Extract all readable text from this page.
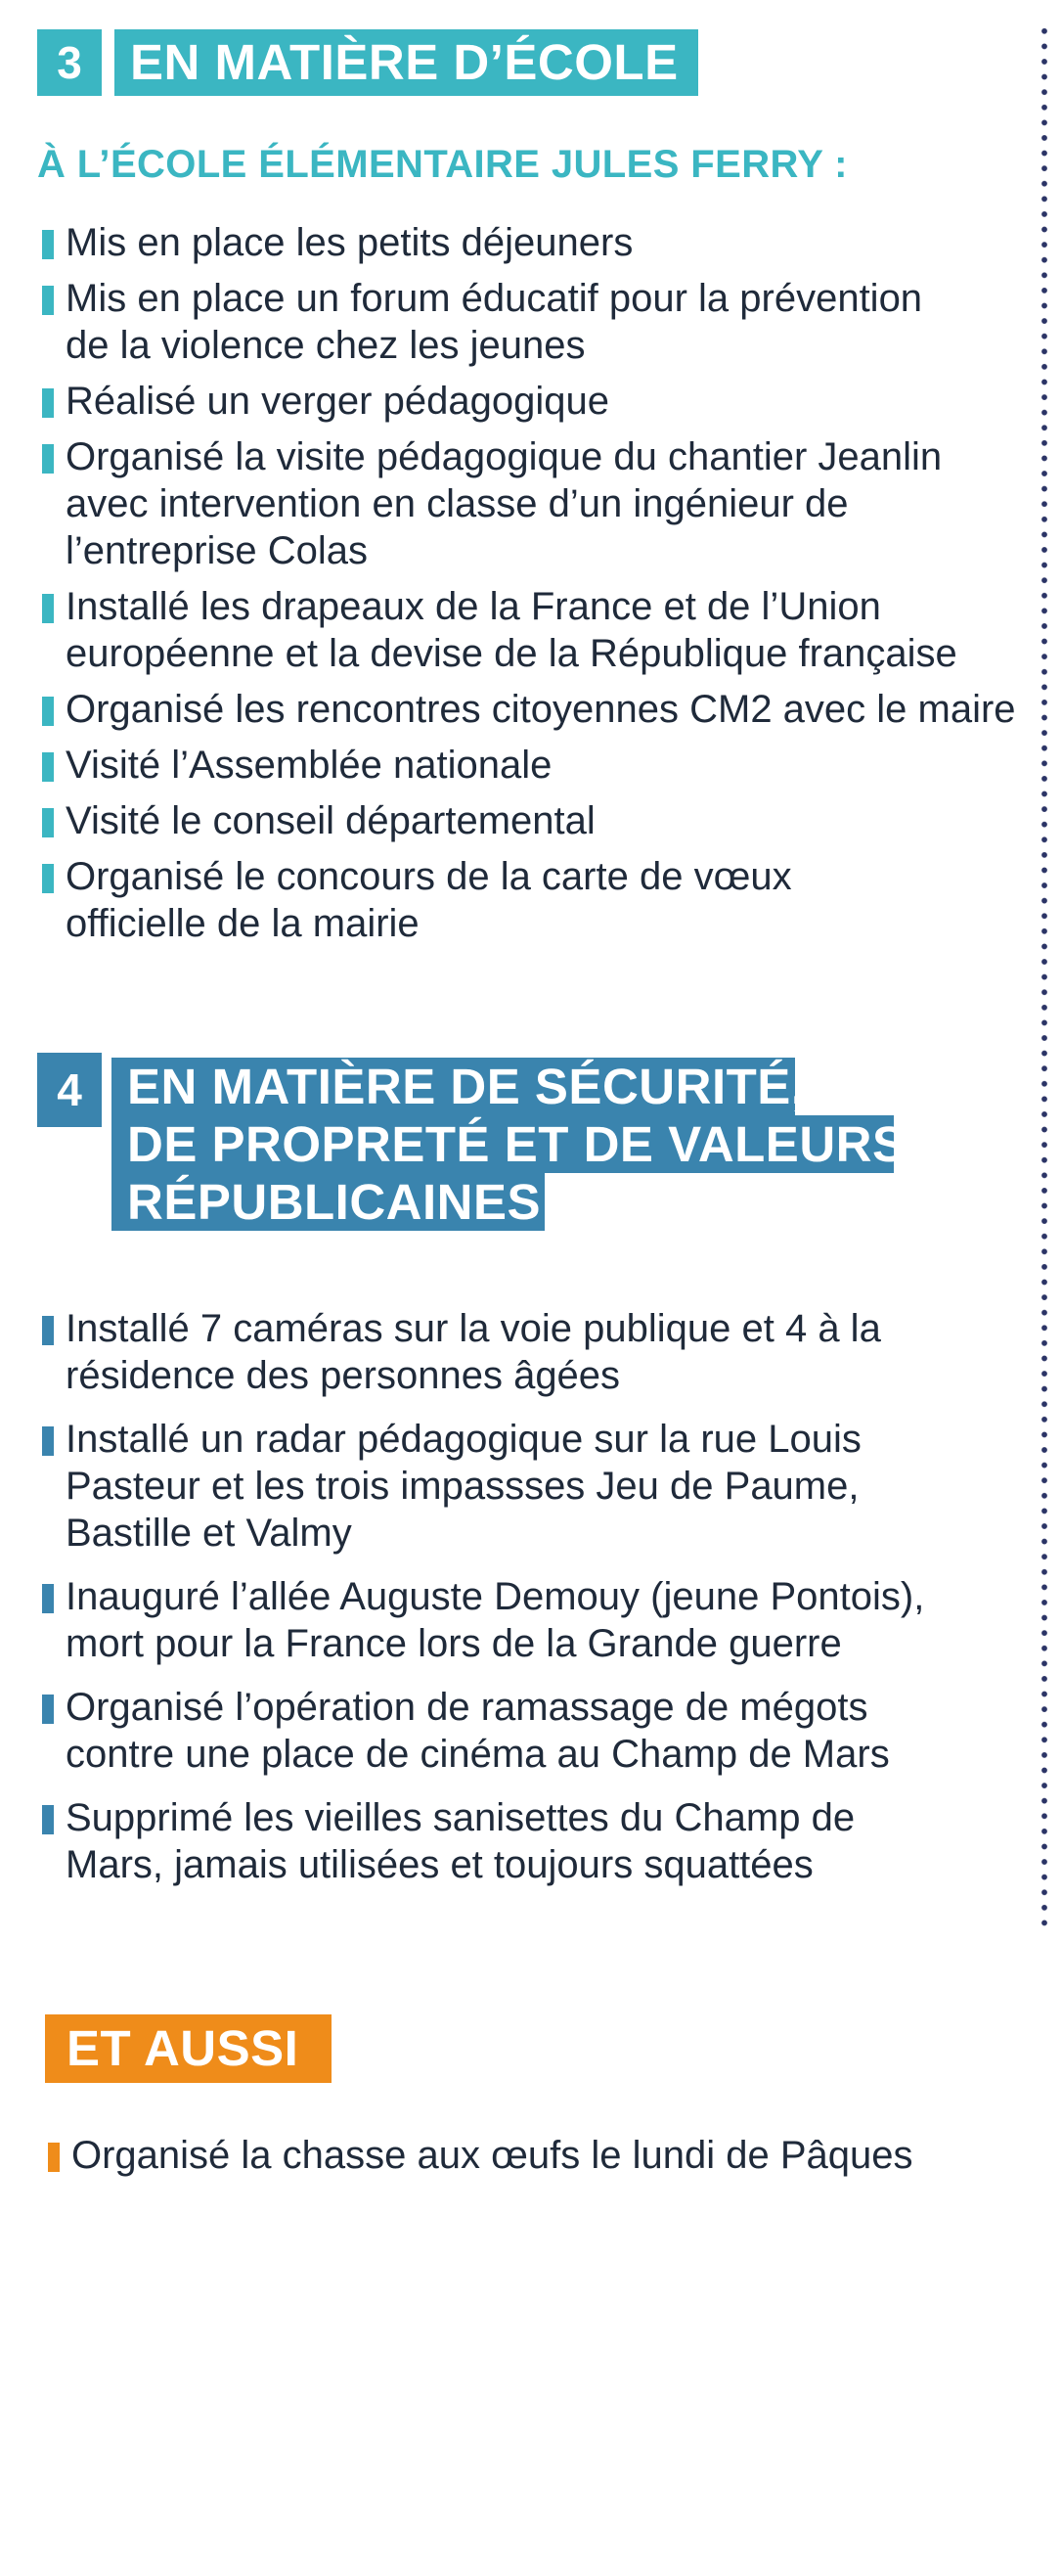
3 EN MATIÈRE D’ÉCOLE
À L’ÉCOLE ÉLÉMENTAIRE JULES FERRY :
Mis en place les petits déjeuners
Mis en place un forum éducatif pour la prévention
de la violence chez les jeunes
Réalisé un verger pédagogique
Organisé la visite pédagogique du chantier Jeanlin
avec intervention en classe d’un ingénieur de
l’entreprise Colas
Installé les drapeaux de la France et de l’Union
européenne et la devise de la République française
Organisé les rencontres citoyennes CM2 avec le maire
Visité l’Assemblée nationale
Visité le conseil départemental
Organisé le concours de la carte de vœux
officielle de la mairie
4 EN MATIÈRE DE SÉCURITÉ,
DE PROPRETÉ ET DE VALEURS
RÉPUBLICAINES
Installé 7 caméras sur la voie publique et 4 à la
résidence des personnes âgées
Installé un radar pédagogique sur la rue Louis
Pasteur et les trois impassses Jeu de Paume,
Bastille et Valmy
Inauguré l’allée Auguste Demouy (jeune Pontois),
mort pour la France lors de la Grande guerre
Organisé l’opération de ramassage de mégots
contre une place de cinéma au Champ de Mars
Supprimé les vieilles sanisettes du Champ de
Mars, jamais utilisées et toujours squattées
ET AUSSI
Organisé la chasse aux œufs le lundi de Pâques
